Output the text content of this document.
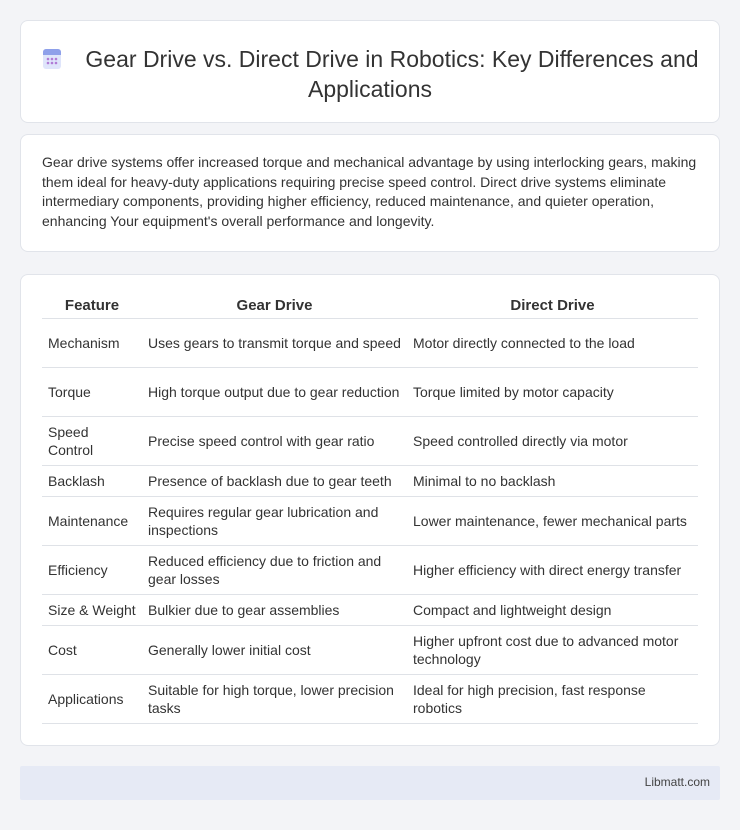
Gear Drive vs. Direct Drive in Robotics: Key Differences and Applications

Gear drive systems offer increased torque and mechanical advantage by using interlocking gears, making them ideal for heavy-duty applications requiring precise speed control. Direct drive systems eliminate intermediary components, providing higher efficiency, reduced maintenance, and quieter operation, enhancing Your equipment's overall performance and longevity.

Feature	Gear Drive	Direct Drive
Mechanism	Uses gears to transmit torque and speed	Motor directly connected to the load
Torque	High torque output due to gear reduction	Torque limited by motor capacity
Speed Control	Precise speed control with gear ratio	Speed controlled directly via motor
Backlash	Presence of backlash due to gear teeth	Minimal to no backlash
Maintenance	Requires regular gear lubrication and inspections	Lower maintenance, fewer mechanical parts
Efficiency	Reduced efficiency due to friction and gear losses	Higher efficiency with direct energy transfer
Size & Weight	Bulkier due to gear assemblies	Compact and lightweight design
Cost	Generally lower initial cost	Higher upfront cost due to advanced motor technology
Applications	Suitable for high torque, lower precision tasks	Ideal for high precision, fast response robotics
Libmatt.com
